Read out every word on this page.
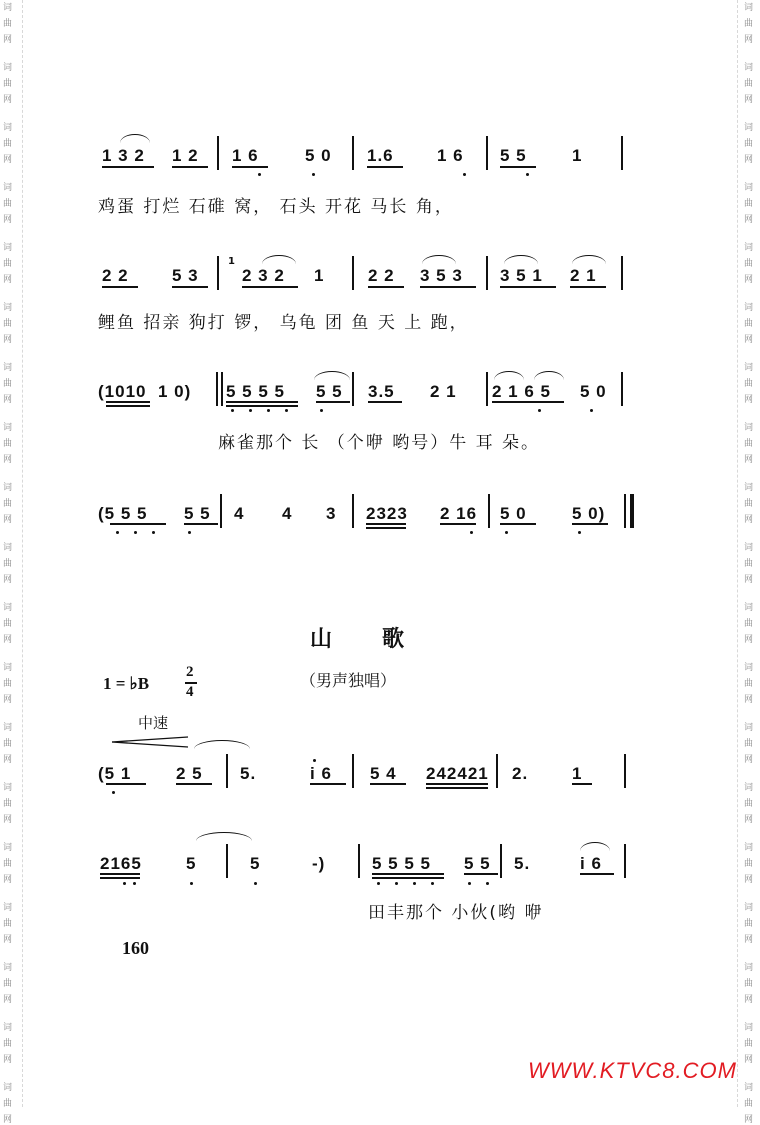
词
曲
网
词
曲
网
词
曲
网
词
曲
网
词
曲
网
词
曲
网
词
曲
网
词
曲
网
词
曲
网
词
曲
网
词
曲
网
词
曲
网
词
曲
网
词
曲
网
词
曲
网
词
曲
网
词
曲
网
词
曲
网
词
曲
网
词
曲
网
词
曲
网
词
曲
网
词
曲
网
词
曲
网
词
曲
网
词
曲
网
词
曲
网
词
曲
网
词
曲
网
词
曲
网
词
曲
网
词
曲
网
词
曲
网
词
曲
网
词
曲
网
词
曲
网
词
曲
网
词
曲
网
1 3 2 1 2 1 6	5 0 1.6	1 6 5 5	1
鸡蛋 打烂 石碓 窝， 石头 开花 马长 角，
2 2	5 3
1
2 3 2 1	2 2 3 5 3 3 5 1 2 1
鲤鱼 招亲 狗打 锣， 乌龟 团 鱼 天 上 跑，
(1010 1 0) 5 5 5 5 5 5 3.5 2 1 2 1 6 5 5 0
麻雀那个 长 （个咿 哟号）牛 耳 朵。
(5 5 5 5 5 4 4 3 2323 2 16 5 0	5 0)
山歌
1 = ♭B
2
4
（男声独唱）
中速
(5 1	2 5 5.	i 6 5 4 242421 2.	1
2165	5	5	-)	5 5 5 5 5 5 5.	i 6
田丰那个 小伙(哟 咿
160
WWW.KTVC8.COM
